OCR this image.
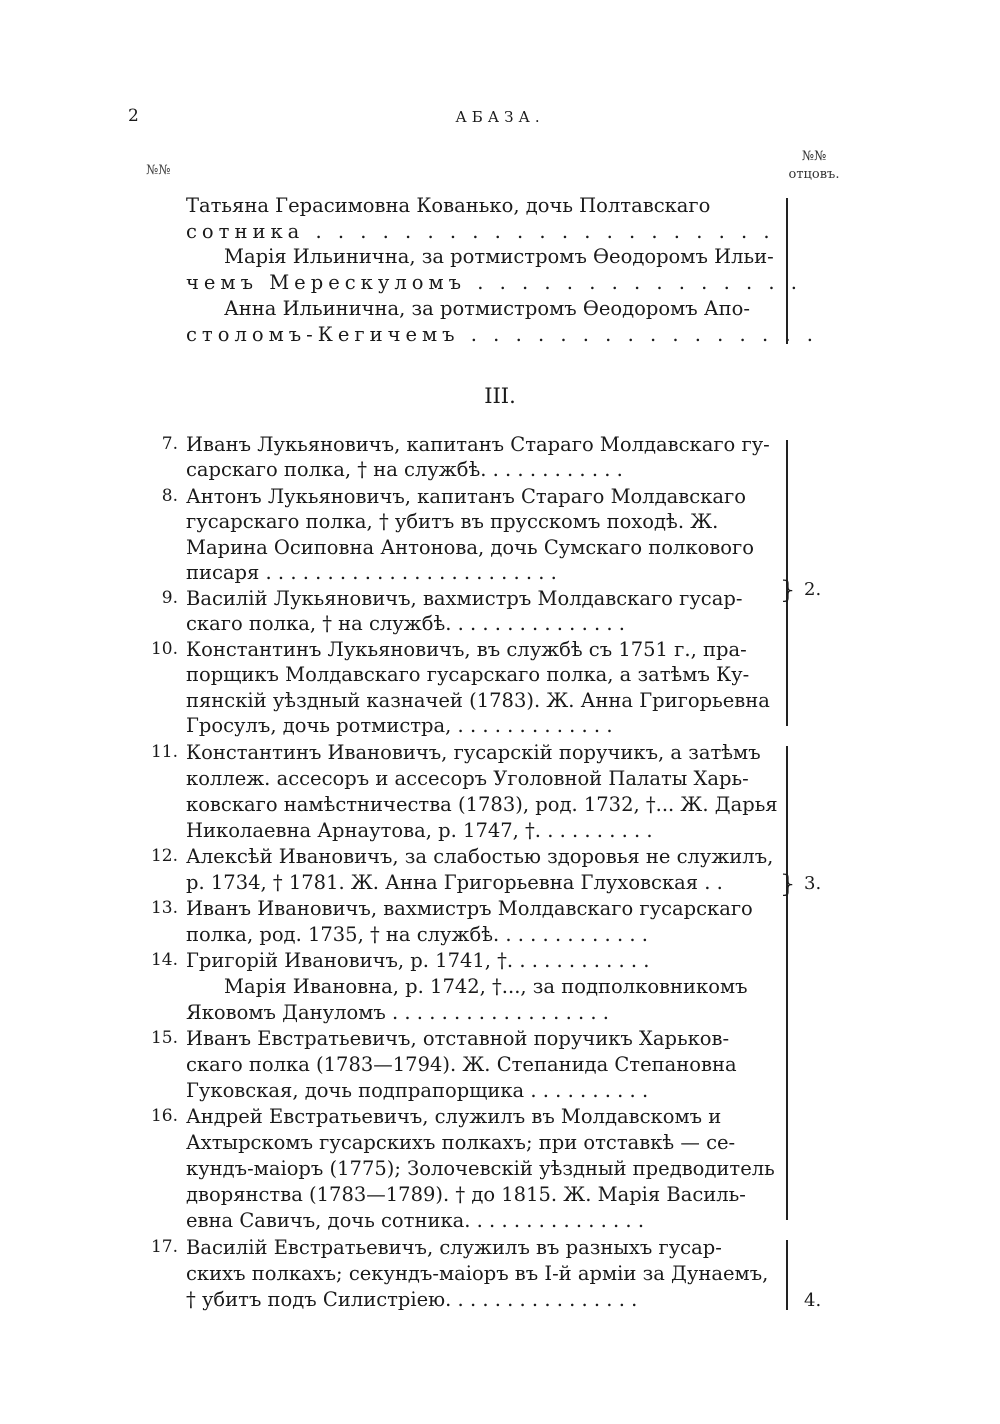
2	АБАЗА.
№№
№№
отцовъ.
Татьяна Герасимовна Кованько, дочь Полтавскаго
сотника . . . . . . . . . . . . . . . . . . . . .
Марія Ильинична, за ротмистромъ Өеодоромъ Ильи-
чемъ Мерескуломъ . . . . . . . . . . . . . . .
Анна Ильинична, за ротмистромъ Өеодоромъ Апо-
столомъ-Кегичемъ . . . . . . . . . . . . . . . .
III.
7. Иванъ Лукьяновичъ, капитанъ Стараго Молдавскаго гу-
сарскаго полка, † на службѣ. . . . . . . . . . . .
8. Антонъ Лукьяновичъ, капитанъ Стараго Молдавскаго
гусарскаго полка, † убитъ въ прусскомъ походѣ. Ж.
Марина Осиповна Антонова, дочь Сумскаго полкового
писаря . . . . . . . . . . . . . . . . . . . . . . . .
9. Василій Лукьяновичъ, вахмистръ Молдавскаго гусар-
скаго полка, † на службѣ. . . . . . . . . . . . . . .
10. Константинъ Лукьяновичъ, въ службѣ съ 1751 г., пра-
порщикъ Молдавскаго гусарскаго полка, а затѣмъ Ку-
пянскій уѣздный казначей (1783). Ж. Анна Григорьевна
Гросулъ, дочь ротмистра, . . . . . . . . . . . . .
11. Константинъ Ивановичъ, гусарскій поручикъ, а затѣмъ
коллеж. ассесоръ и ассесоръ Уголовной Палаты Харь-
ковскаго намѣстничества (1783), род. 1732, †... Ж. Дарья
Николаевна Арнаутова, р. 1747, †. . . . . . . . . .
12. Алексѣй Ивановичъ, за слабостью здоровья не служилъ,
р. 1734, † 1781. Ж. Анна Григорьевна Глуховская . .
13. Иванъ Ивановичъ, вахмистръ Молдавскаго гусарскаго
полка, род. 1735, † на службѣ. . . . . . . . . . . . .
14. Григорій Ивановичъ, р. 1741, †. . . . . . . . . . . .
Марія Ивановна, р. 1742, †..., за подполковникомъ
Яковомъ Дануломъ . . . . . . . . . . . . . . . . . .
15. Иванъ Евстратьевичъ, отставной поручикъ Харьков-
скаго полка (1783—1794). Ж. Степанида Степановна
Гуковская, дочь подпрапорщика . . . . . . . . . .
16. Андрей Евстратьевичъ, служилъ въ Молдавскомъ и
Ахтырскомъ гусарскихъ полкахъ; при отставкѣ — се-
кундъ-маіоръ (1775); Золочевскій уѣздный предводитель
дворянства (1783—1789). † до 1815. Ж. Марія Василь-
евна Савичъ, дочь сотника. . . . . . . . . . . . . . .
17. Василій Евстратьевичъ, служилъ въ разныхъ гусар-
скихъ полкахъ; секундъ-маіоръ въ І-й арміи за Дунаемъ,
† убитъ подъ Силистріею. . . . . . . . . . . . . . . .
} 2.
} 3.
4.
